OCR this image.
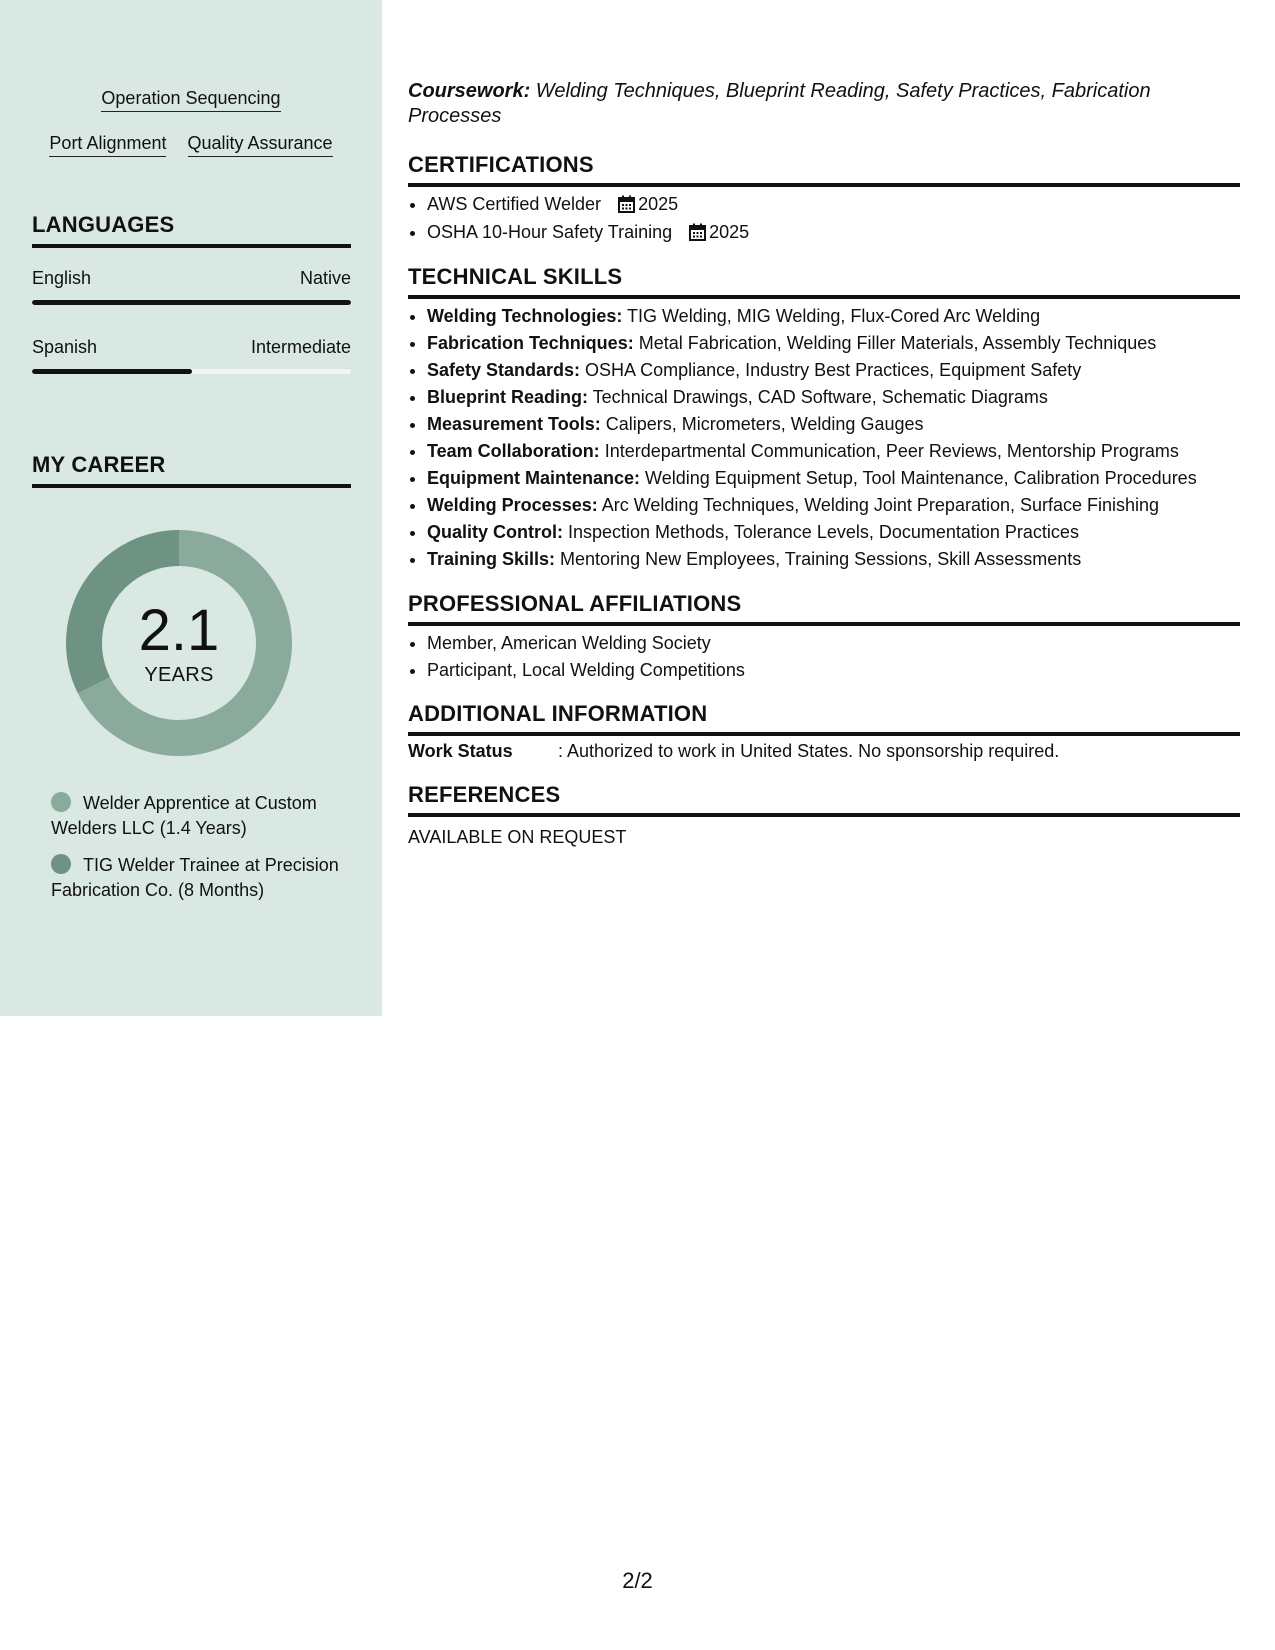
Operation Sequencing
Port Alignment Quality Assurance
LANGUAGES
English	Native
Spanish	Intermediate
MY CAREER
2.1
YEARS
Welder Apprentice at Custom Welders LLC (1.4 Years)
TIG Welder Trainee at Precision Fabrication Co. (8 Months)
Coursework: Welding Techniques, Blueprint Reading, Safety Practices, Fabrication Processes
CERTIFICATIONS
• AWS Certified Welder 2025
• OSHA 10-Hour Safety Training 2025
TECHNICAL SKILLS
• Welding Technologies: TIG Welding, MIG Welding, Flux-Cored Arc Welding
• Fabrication Techniques: Metal Fabrication, Welding Filler Materials, Assembly Techniques
• Safety Standards: OSHA Compliance, Industry Best Practices, Equipment Safety
• Blueprint Reading: Technical Drawings, CAD Software, Schematic Diagrams
• Measurement Tools: Calipers, Micrometers, Welding Gauges
• Team Collaboration: Interdepartmental Communication, Peer Reviews, Mentorship Programs
• Equipment Maintenance: Welding Equipment Setup, Tool Maintenance, Calibration Procedures
• Welding Processes: Arc Welding Techniques, Welding Joint Preparation, Surface Finishing
• Quality Control: Inspection Methods, Tolerance Levels, Documentation Practices
• Training Skills: Mentoring New Employees, Training Sessions, Skill Assessments
PROFESSIONAL AFFILIATIONS
• Member, American Welding Society
• Participant, Local Welding Competitions
ADDITIONAL INFORMATION
Work Status	: Authorized to work in United States. No sponsorship required.
REFERENCES
AVAILABLE ON REQUEST
2/2
